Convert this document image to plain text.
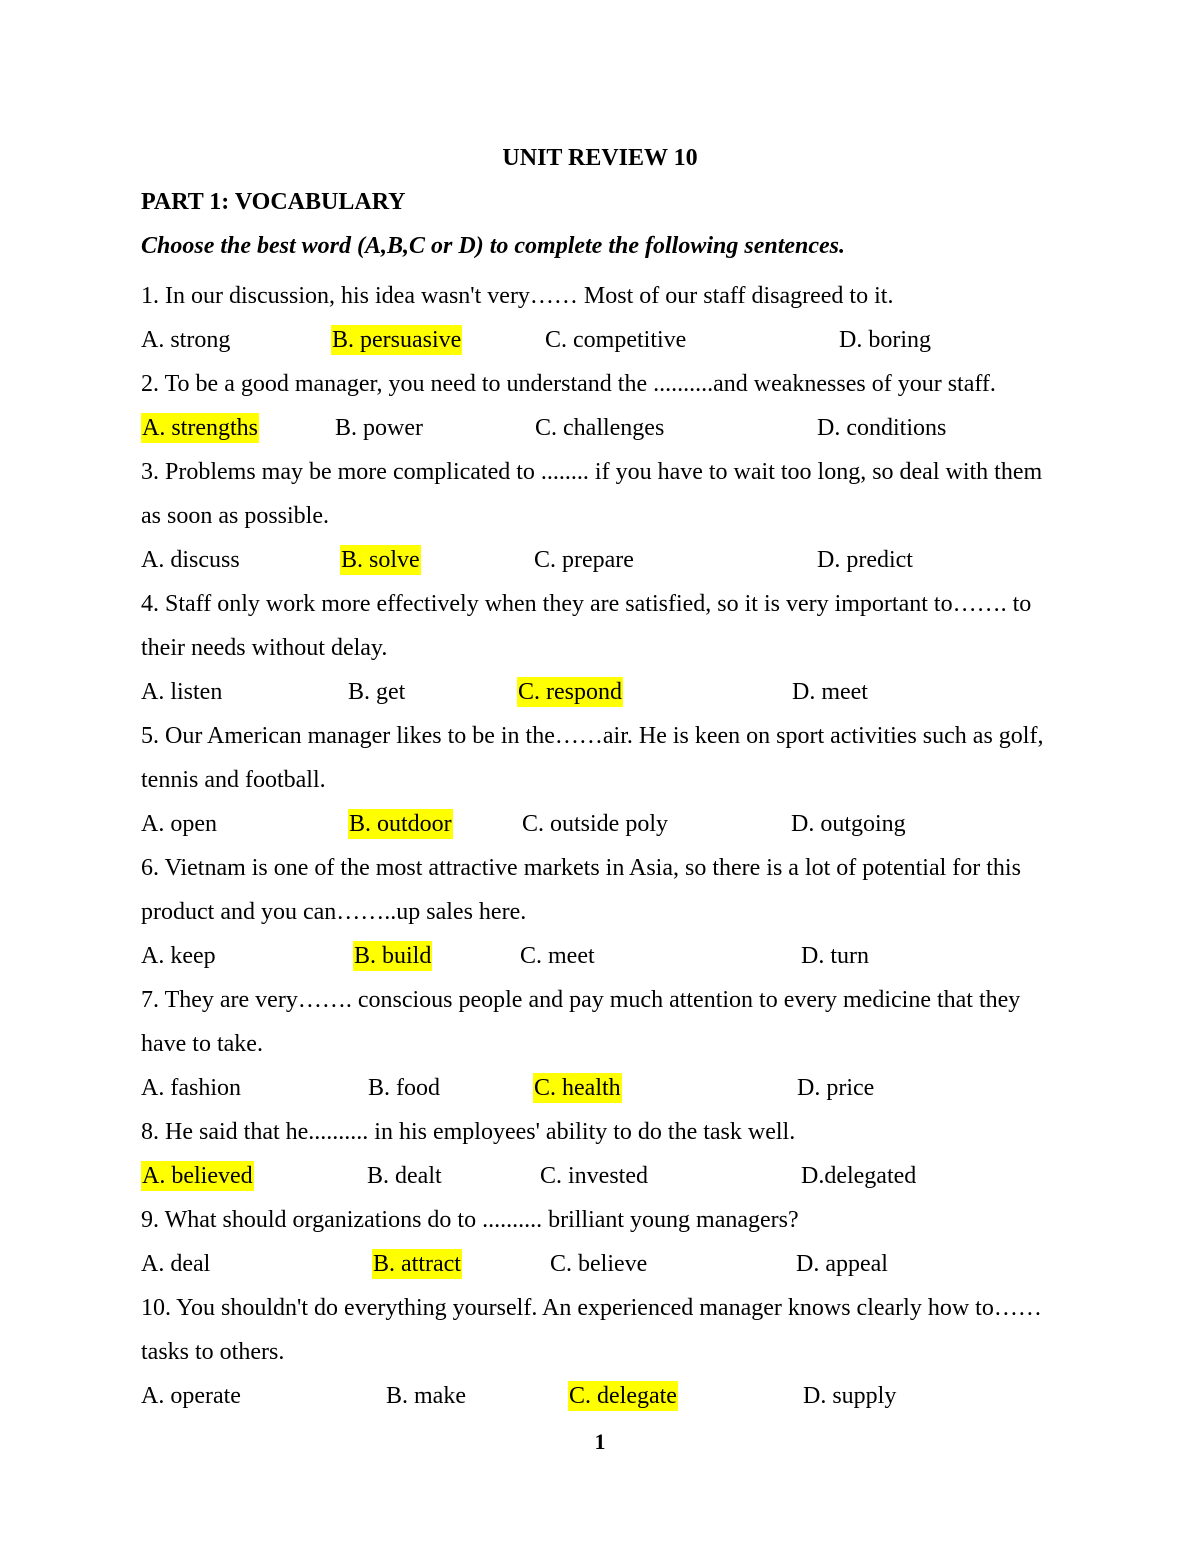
UNIT REVIEW 10
PART 1: VOCABULARY
Choose the best word (A,B,C or D) to complete the following sentences.
1. In our discussion, his idea wasn't very…… Most of our staff disagreed to it.
A. strong	B. persuasive	C. competitive	D. boring
2. To be a good manager, you need to understand the ..........and weaknesses of your staff.
A. strengths	B. power	C. challenges	D. conditions
3. Problems may be more complicated to ........ if you have to wait too long, so deal with them as soon as possible.
A. discuss	B. solve	C. prepare	D. predict
4. Staff only work more effectively when they are satisfied, so it is very important to……. to their needs without delay.
A. listen	B. get	C. respond	D. meet
5. Our American manager likes to be in the……air. He is keen on sport activities such as golf, tennis and football.
A. open	B. outdoor	C. outside poly	D. outgoing
6. Vietnam is one of the most attractive markets in Asia, so there is a lot of potential for this product and you can……..up sales here.
A. keep	B. build	C. meet	D. turn
7. They are very……. conscious people and pay much attention to every medicine that they have to take.
A. fashion	B. food	C. health	D. price
8. He said that he.......... in his employees' ability to do the task well.
A. believed	B. dealt	C. invested	D.delegated
9. What should organizations do to .......... brilliant young managers?
A. deal	B. attract	C. believe	D. appeal
10. You shouldn't do everything yourself. An experienced manager knows clearly how to……tasks to others.
A. operate	B. make	C. delegate	D. supply
1
